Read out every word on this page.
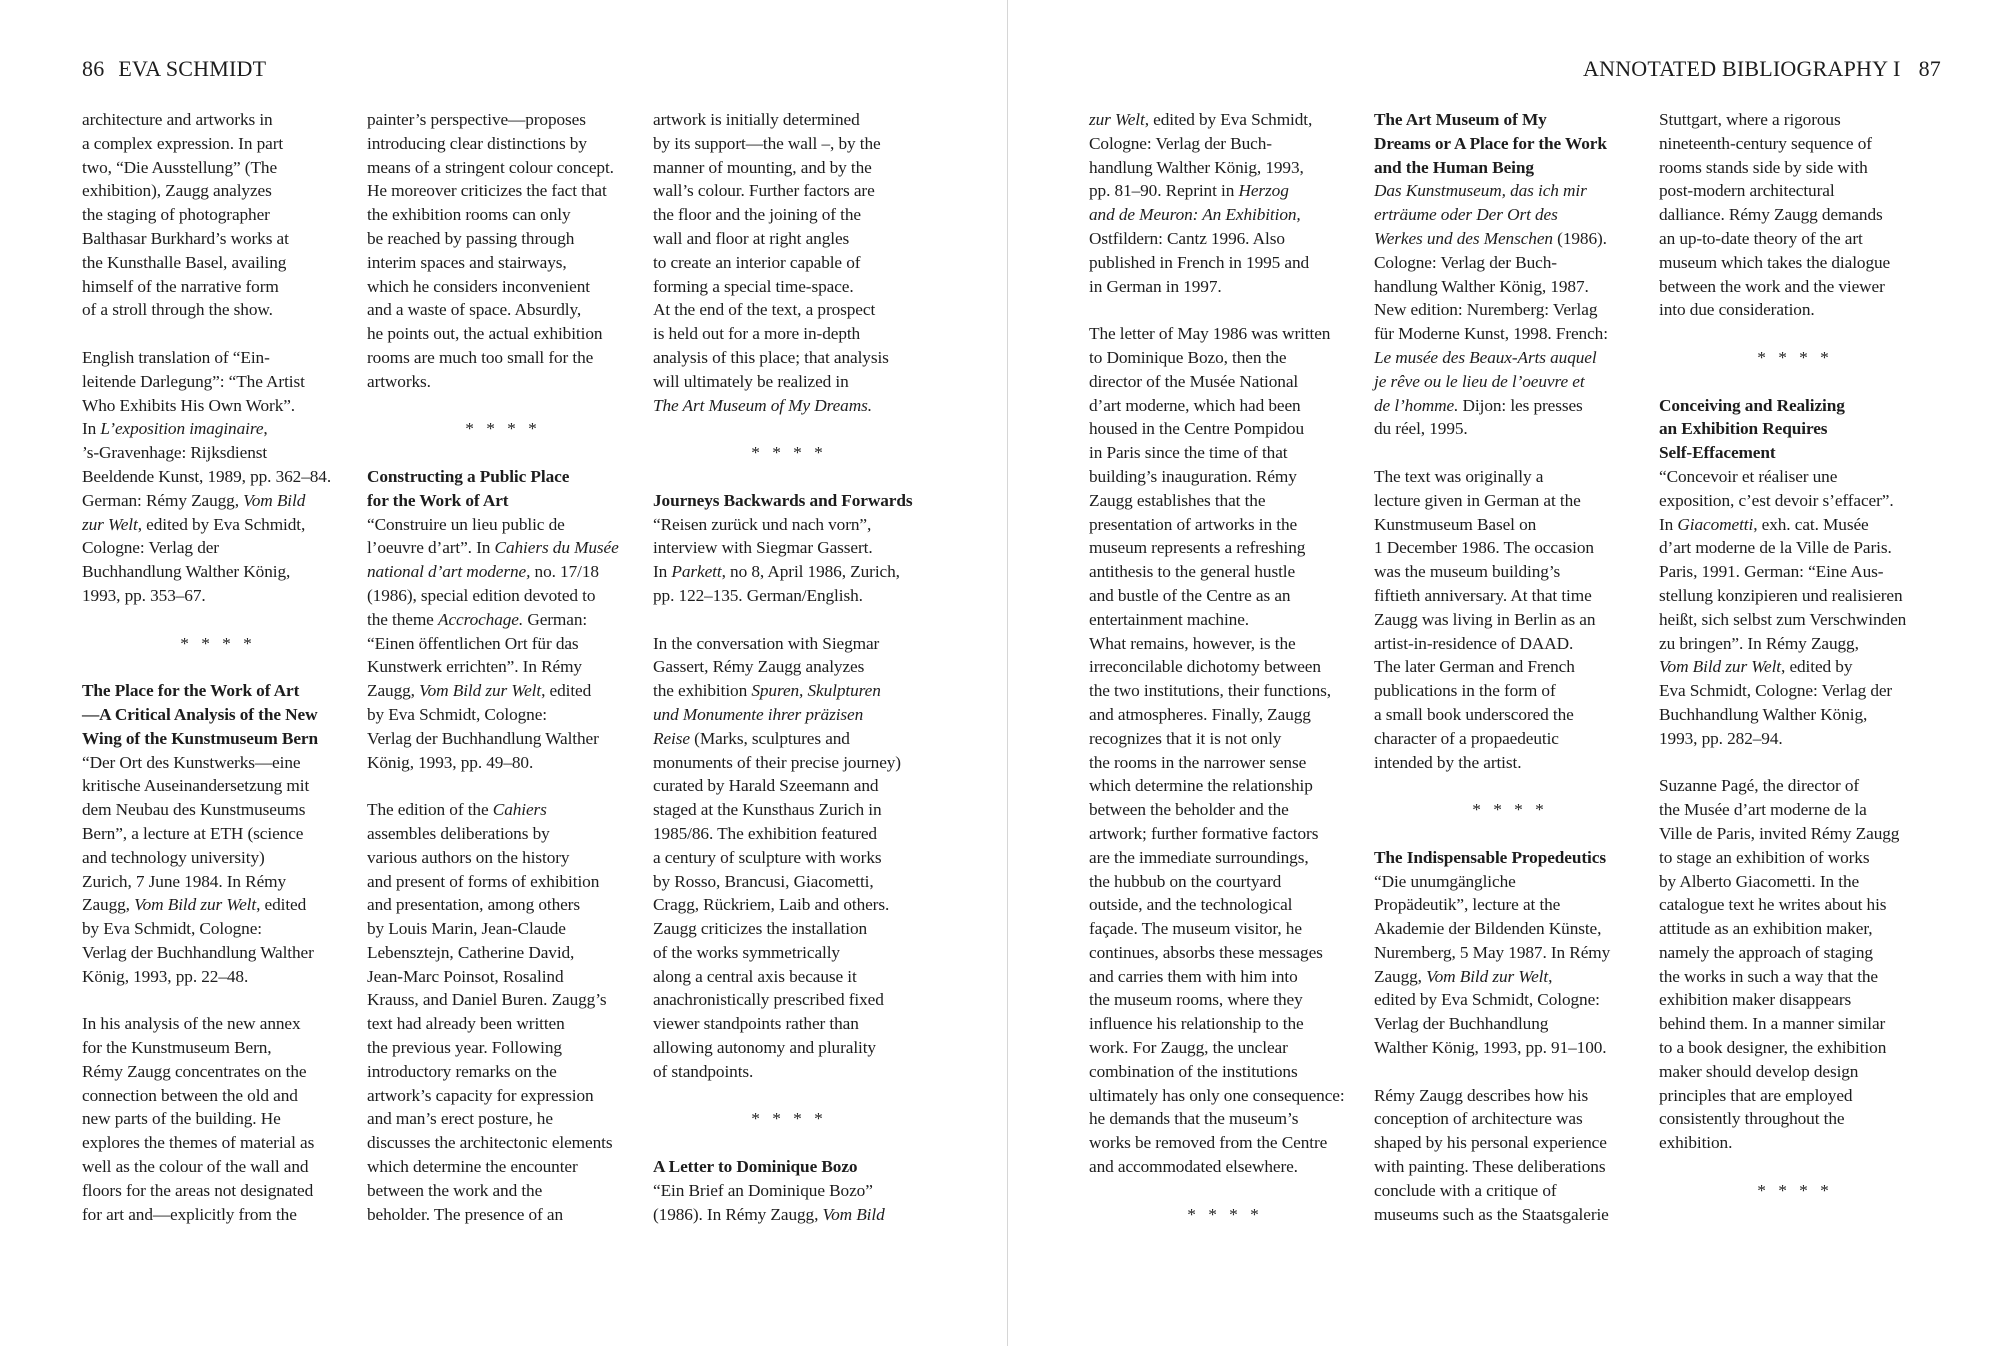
86 EVA SCHMIDT	ANNOTATED BIBLIOGRAPHY I 87

architecture and artworks in

a complex expression. In part

two, “Die Ausstellung” (The

exhibition), Zaugg analyzes

the staging of photographer

Balthasar Burkhard’s works at

the Kunsthalle Basel, availing

himself of the narrative form

of a stroll through the show.

English translation of “Ein-

leitende Darlegung”: “The Artist

Who Exhibits His Own Work”.

In L’exposition imaginaire,

’s-Gravenhage: Rijksdienst

Beeldende Kunst, 1989, pp. 362–84.

German: Rémy Zaugg, Vom Bild

zur Welt, edited by Eva Schmidt,

Cologne: Verlag der

Buchhandlung Walther König,

1993, pp. 353–67.

* * * *

The Place for the Work of Art

—A Critical Analysis of the New

Wing of the Kunstmuseum Bern

“Der Ort des Kunstwerks—eine

kritische Auseinandersetzung mit

dem Neubau des Kunstmuseums

Bern”, a lecture at ETH (science

and technology university)

Zurich, 7 June 1984. In Rémy

Zaugg, Vom Bild zur Welt, edited

by Eva Schmidt, Cologne:

Verlag der Buchhandlung Walther

König, 1993, pp. 22–48.

In his analysis of the new annex

for the Kunstmuseum Bern,

Rémy Zaugg concentrates on the

connection between the old and

new parts of the building. He

explores the themes of material as

well as the colour of the wall and

floors for the areas not designated

for art and—explicitly from the

painter’s perspective—proposes

introducing clear distinctions by

means of a stringent colour concept.

He moreover criticizes the fact that

the exhibition rooms can only

be reached by passing through

interim spaces and stairways,

which he considers inconvenient

and a waste of space. Absurdly,

he points out, the actual exhibition

rooms are much too small for the

artworks.

* * * *

Constructing a Public Place

for the Work of Art

“Construire un lieu public de

l’oeuvre d’art”. In Cahiers du Musée

national d’art moderne, no. 17/18

(1986), special edition devoted to

the theme Accrochage. German:

“Einen öffentlichen Ort für das

Kunstwerk errichten”. In Rémy

Zaugg, Vom Bild zur Welt, edited

by Eva Schmidt, Cologne:

Verlag der Buchhandlung Walther

König, 1993, pp. 49–80.

The edition of the Cahiers

assembles deliberations by

various authors on the history

and present of forms of exhibition

and presentation, among others

by Louis Marin, Jean-Claude

Lebensztejn, Catherine David,

Jean-Marc Poinsot, Rosalind

Krauss, and Daniel Buren. Zaugg’s

text had already been written

the previous year. Following

introductory remarks on the

artwork’s capacity for expression

and man’s erect posture, he

discusses the architectonic elements

which determine the encounter

between the work and the

beholder. The presence of an

artwork is initially determined

by its support—the wall –, by the

manner of mounting, and by the

wall’s colour. Further factors are

the floor and the joining of the

wall and floor at right angles

to create an interior capable of

forming a special time-space.

At the end of the text, a prospect

is held out for a more in-depth

analysis of this place; that analysis

will ultimately be realized in

The Art Museum of My Dreams.

* * * *

Journeys Backwards and Forwards

“Reisen zurück und nach vorn”,

interview with Siegmar Gassert.

In Parkett, no 8, April 1986, Zurich,

pp. 122–135. German/English.

In the conversation with Siegmar

Gassert, Rémy Zaugg analyzes

the exhibition Spuren, Skulpturen

und Monumente ihrer präzisen

Reise (Marks, sculptures and

monuments of their precise journey)

curated by Harald Szeemann and

staged at the Kunsthaus Zurich in

1985/86. The exhibition featured

a century of sculpture with works

by Rosso, Brancusi, Giacometti,

Cragg, Rückriem, Laib and others.

Zaugg criticizes the installation

of the works symmetrically

along a central axis because it

anachronistically prescribed fixed

viewer standpoints rather than

allowing autonomy and plurality

of standpoints.

* * * *

A Letter to Dominique Bozo

“Ein Brief an Dominique Bozo”

(1986). In Rémy Zaugg, Vom Bild

zur Welt, edited by Eva Schmidt,

Cologne: Verlag der Buch-

handlung Walther König, 1993,

pp. 81–90. Reprint in Herzog

and de Meuron: An Exhibition,

Ostfildern: Cantz 1996. Also

published in French in 1995 and

in German in 1997.

The letter of May 1986 was written

to Dominique Bozo, then the

director of the Musée National

d’art moderne, which had been

housed in the Centre Pompidou

in Paris since the time of that

building’s inauguration. Rémy

Zaugg establishes that the

presentation of artworks in the

museum represents a refreshing

antithesis to the general hustle

and bustle of the Centre as an

entertainment machine.

What remains, however, is the

irreconcilable dichotomy between

the two institutions, their functions,

and atmospheres. Finally, Zaugg

recognizes that it is not only

the rooms in the narrower sense

which determine the relationship

between the beholder and the

artwork; further formative factors

are the immediate surroundings,

the hubbub on the courtyard

outside, and the technological

façade. The museum visitor, he

continues, absorbs these messages

and carries them with him into

the museum rooms, where they

influence his relationship to the

work. For Zaugg, the unclear

combination of the institutions

ultimately has only one consequence:

he demands that the museum’s

works be removed from the Centre

and accommodated elsewhere.

* * * *

The Art Museum of My

Dreams or A Place for the Work

and the Human Being

Das Kunstmuseum, das ich mir

erträume oder Der Ort des

Werkes und des Menschen (1986).

Cologne: Verlag der Buch-

handlung Walther König, 1987.

New edition: Nuremberg: Verlag

für Moderne Kunst, 1998. French:

Le musée des Beaux-Arts auquel

je rêve ou le lieu de l’oeuvre et

de l’homme. Dijon: les presses

du réel, 1995.

The text was originally a

lecture given in German at the

Kunstmuseum Basel on

1 December 1986. The occasion

was the museum building’s

fiftieth anniversary. At that time

Zaugg was living in Berlin as an

artist-in-residence of DAAD.

The later German and French

publications in the form of

a small book underscored the

character of a propaedeutic

intended by the artist.

* * * *

The Indispensable Propedeutics

“Die unumgängliche

Propädeutik”, lecture at the

Akademie der Bildenden Künste,

Nuremberg, 5 May 1987. In Rémy

Zaugg, Vom Bild zur Welt,

edited by Eva Schmidt, Cologne:

Verlag der Buchhandlung

Walther König, 1993, pp. 91–100.

Rémy Zaugg describes how his

conception of architecture was

shaped by his personal experience

with painting. These deliberations

conclude with a critique of

museums such as the Staatsgalerie

Stuttgart, where a rigorous

nineteenth-century sequence of

rooms stands side by side with

post-modern architectural

dalliance. Rémy Zaugg demands

an up-to-date theory of the art

museum which takes the dialogue

between the work and the viewer

into due consideration.

* * * *

Conceiving and Realizing

an Exhibition Requires

Self-Effacement

“Concevoir et réaliser une

exposition, c’est devoir s’effacer”.

In Giacometti, exh. cat. Musée

d’art moderne de la Ville de Paris.

Paris, 1991. German: “Eine Aus-

stellung konzipieren und realisieren

heißt, sich selbst zum Verschwinden

zu bringen”. In Rémy Zaugg,

Vom Bild zur Welt, edited by

Eva Schmidt, Cologne: Verlag der

Buchhandlung Walther König,

1993, pp. 282–94.

Suzanne Pagé, the director of

the Musée d’art moderne de la

Ville de Paris, invited Rémy Zaugg

to stage an exhibition of works

by Alberto Giacometti. In the

catalogue text he writes about his

attitude as an exhibition maker,

namely the approach of staging

the works in such a way that the

exhibition maker disappears

behind them. In a manner similar

to a book designer, the exhibition

maker should develop design

principles that are employed

consistently throughout the

exhibition.

* * * *
